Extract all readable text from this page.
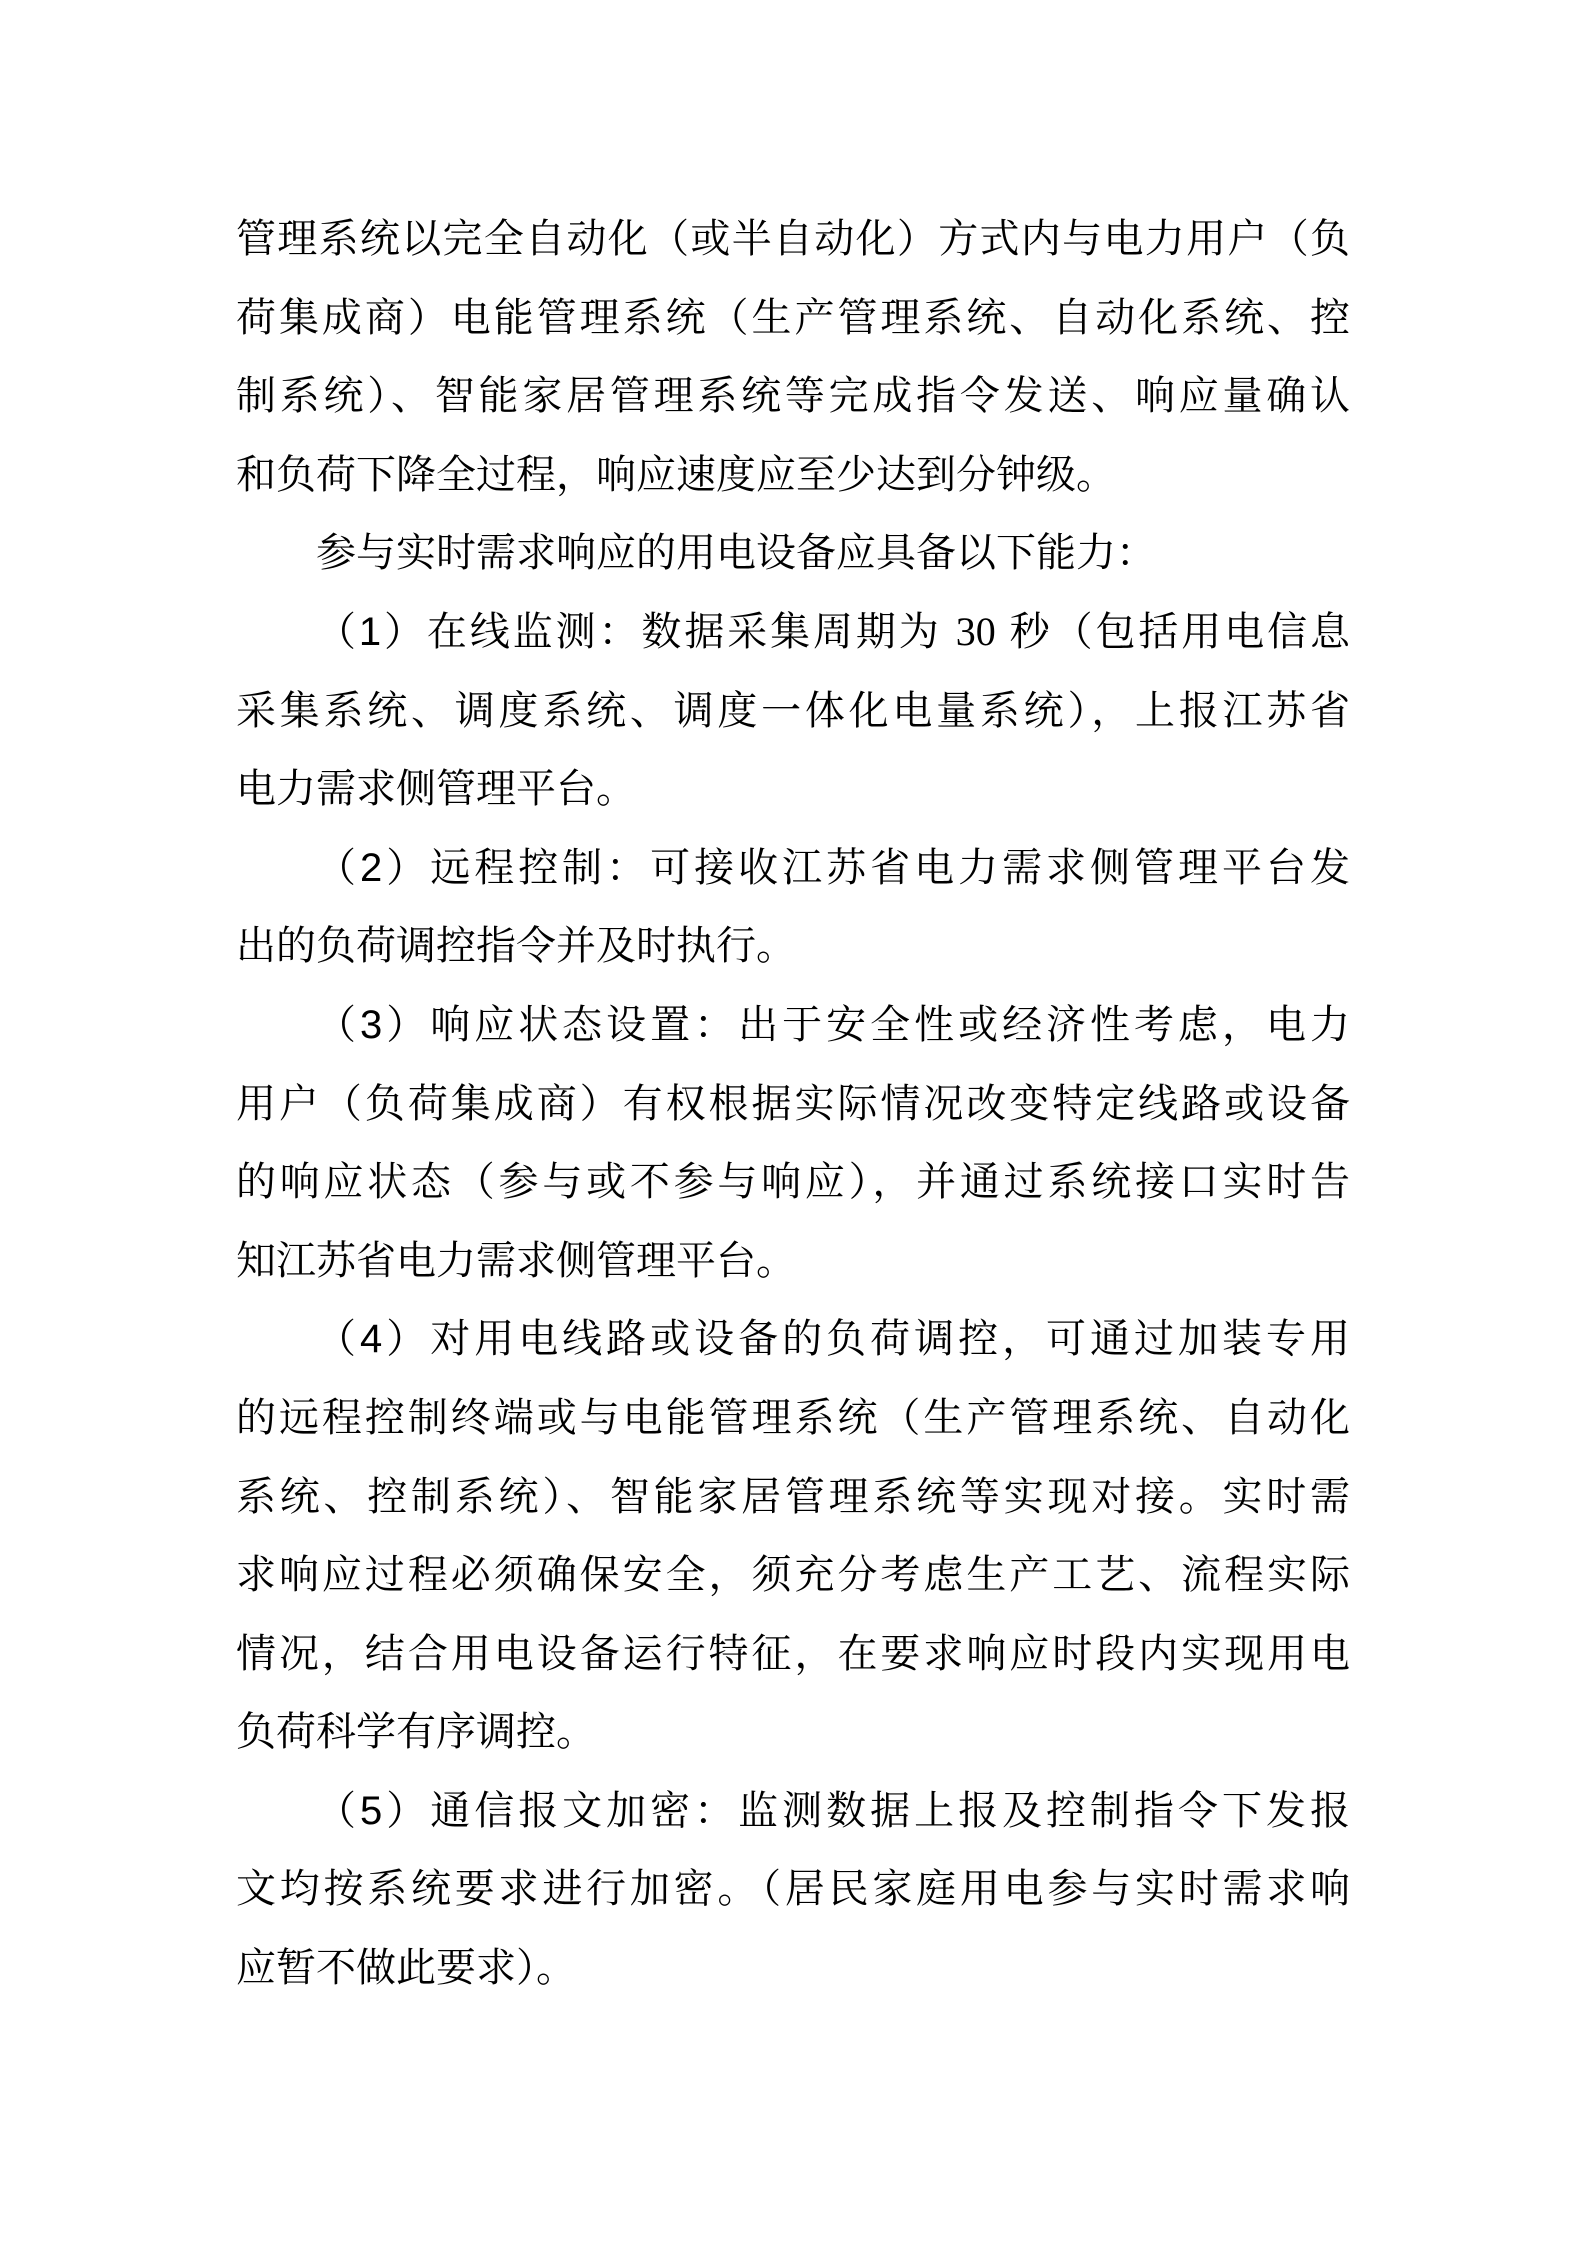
管理系统以完全自动化（或半自动化）方式内与电力用户（负
荷集成商）电能管理系统（生产管理系统、自动化系统、控
制系统）、智能家居管理系统等完成指令发送、响应量确认
和负荷下降全过程，响应速度应至少达到分钟级。
参与实时需求响应的用电设备应具备以下能力：
（1）在线监测：数据采集周期为 30 秒（包括用电信息
采集系统、调度系统、调度一体化电量系统），上报江苏省
电力需求侧管理平台。
（2）远程控制：可接收江苏省电力需求侧管理平台发
出的负荷调控指令并及时执行。
（3）响应状态设置：出于安全性或经济性考虑，电力
用户（负荷集成商）有权根据实际情况改变特定线路或设备
的响应状态（参与或不参与响应），并通过系统接口实时告
知江苏省电力需求侧管理平台。
（4）对用电线路或设备的负荷调控，可通过加装专用
的远程控制终端或与电能管理系统（生产管理系统、自动化
系统、控制系统）、智能家居管理系统等实现对接。实时需
求响应过程必须确保安全，须充分考虑生产工艺、流程实际
情况，结合用电设备运行特征，在要求响应时段内实现用电
负荷科学有序调控。
（5）通信报文加密：监测数据上报及控制指令下发报
文均按系统要求进行加密。（居民家庭用电参与实时需求响
应暂不做此要求）。
